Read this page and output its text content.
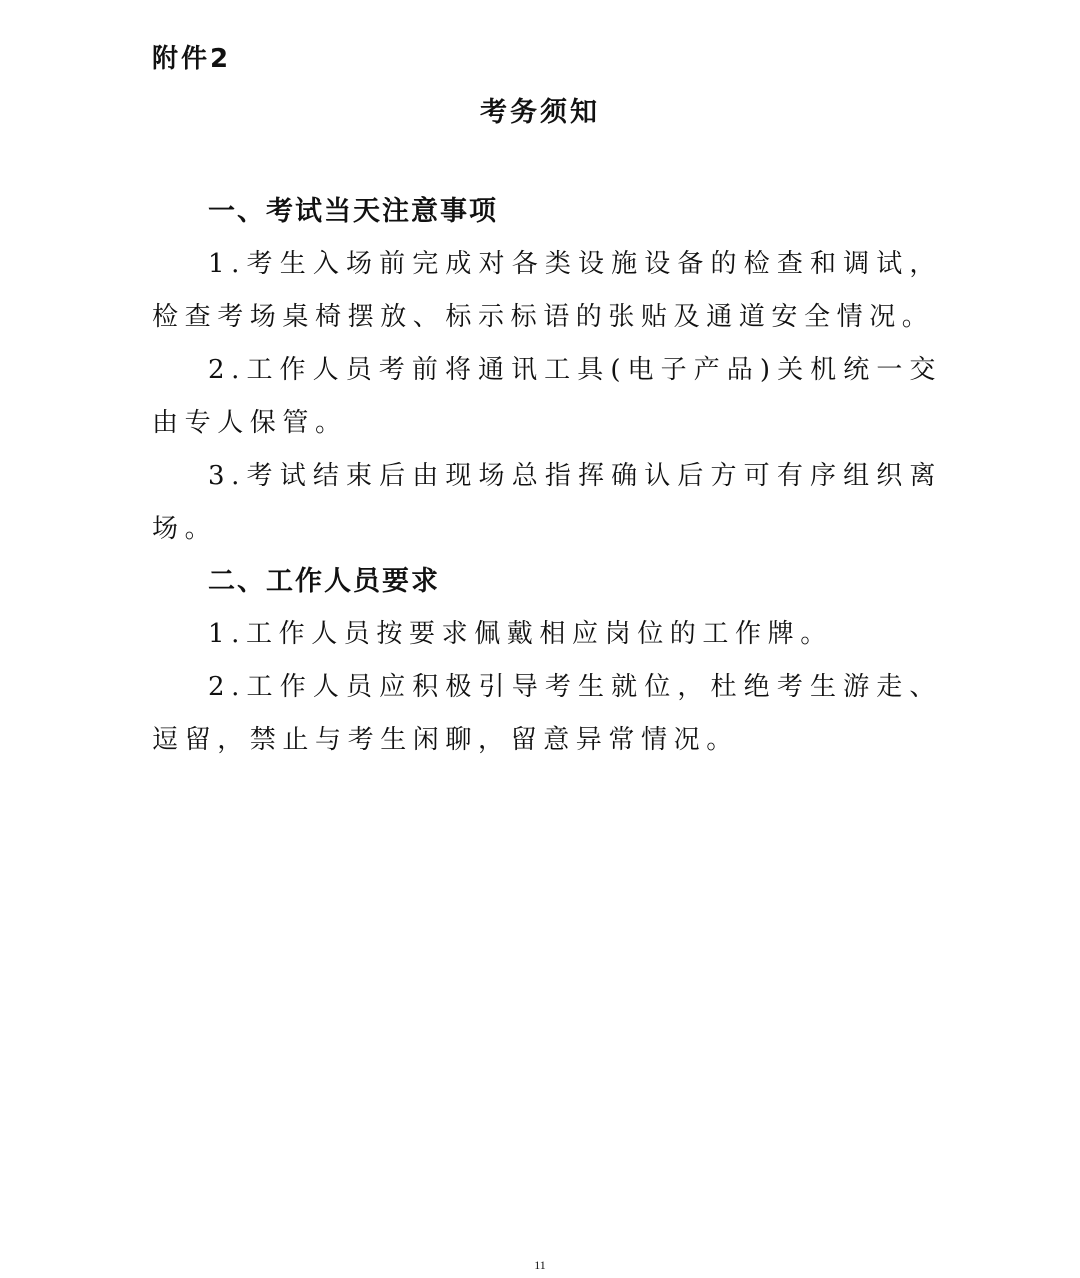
附件2
考务须知
一、考试当天注意事项

1.考生入场前完成对各类设施设备的检查和调试，检查考场桌椅摆放、标示标语的张贴及通道安全情况。

2.工作人员考前将通讯工具(电子产品)关机统一交由专人保管。

3.考试结束后由现场总指挥确认后方可有序组织离场。

二、工作人员要求

1.工作人员按要求佩戴相应岗位的工作牌。

2.工作人员应积极引导考生就位，杜绝考生游走、逗留，禁止与考生闲聊，留意异常情况。

11
